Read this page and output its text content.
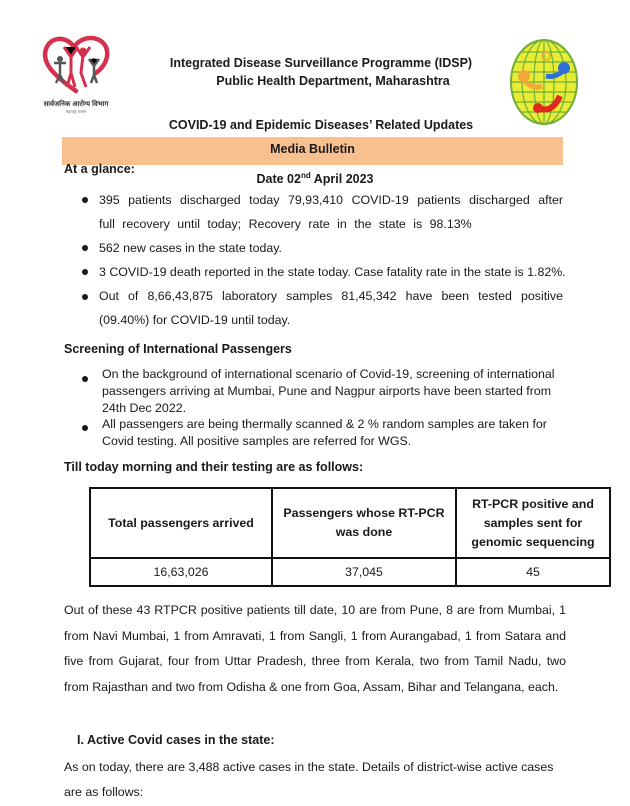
सार्वजनिक आरोग्य विभाग
महाराष्ट्र शासन
Integrated Disease Surveillance Programme (IDSP)
Public Health Department, Maharashtra
COVID-19 and Epidemic Diseases’ Related Updates
Media Bulletin
Date 02nd April 2023
At a glance:
395 patients discharged today 79,93,410 COVID-19 patients discharged after full recovery until today; Recovery rate in the state is 98.13%
562 new cases in the state today.
3 COVID-19 death reported in the state today. Case fatality rate in the state is 1.82%.
Out of 8,66,43,875 laboratory samples 81,45,342 have been tested positive (09.40%) for COVID-19 until today.
Screening of International Passengers
On the background of international scenario of Covid-19, screening of international passengers arriving at Mumbai, Pune and Nagpur airports have been started from 24th Dec 2022.
All passengers are being thermally scanned & 2 % random samples are taken for Covid testing. All positive samples are referred for WGS.
Till today morning and their testing are as follows:
Total passengers arrived	Passengers whose RT-PCR was done	RT-PCR positive and samples sent for genomic sequencing
16,63,026	37,045	45
Out of these 43 RTPCR positive patients till date, 10 are from Pune, 8 are from Mumbai, 1 from Navi Mumbai, 1 from Amravati, 1 from Sangli, 1 from Aurangabad, 1 from Satara and five from Gujarat, four from Uttar Pradesh, three from Kerala, two from Tamil Nadu, two from Rajasthan and two from Odisha & one from Goa, Assam, Bihar and Telangana, each.
I. Active Covid cases in the state:
As on today, there are 3,488 active cases in the state. Details of district-wise active cases are as follows:
